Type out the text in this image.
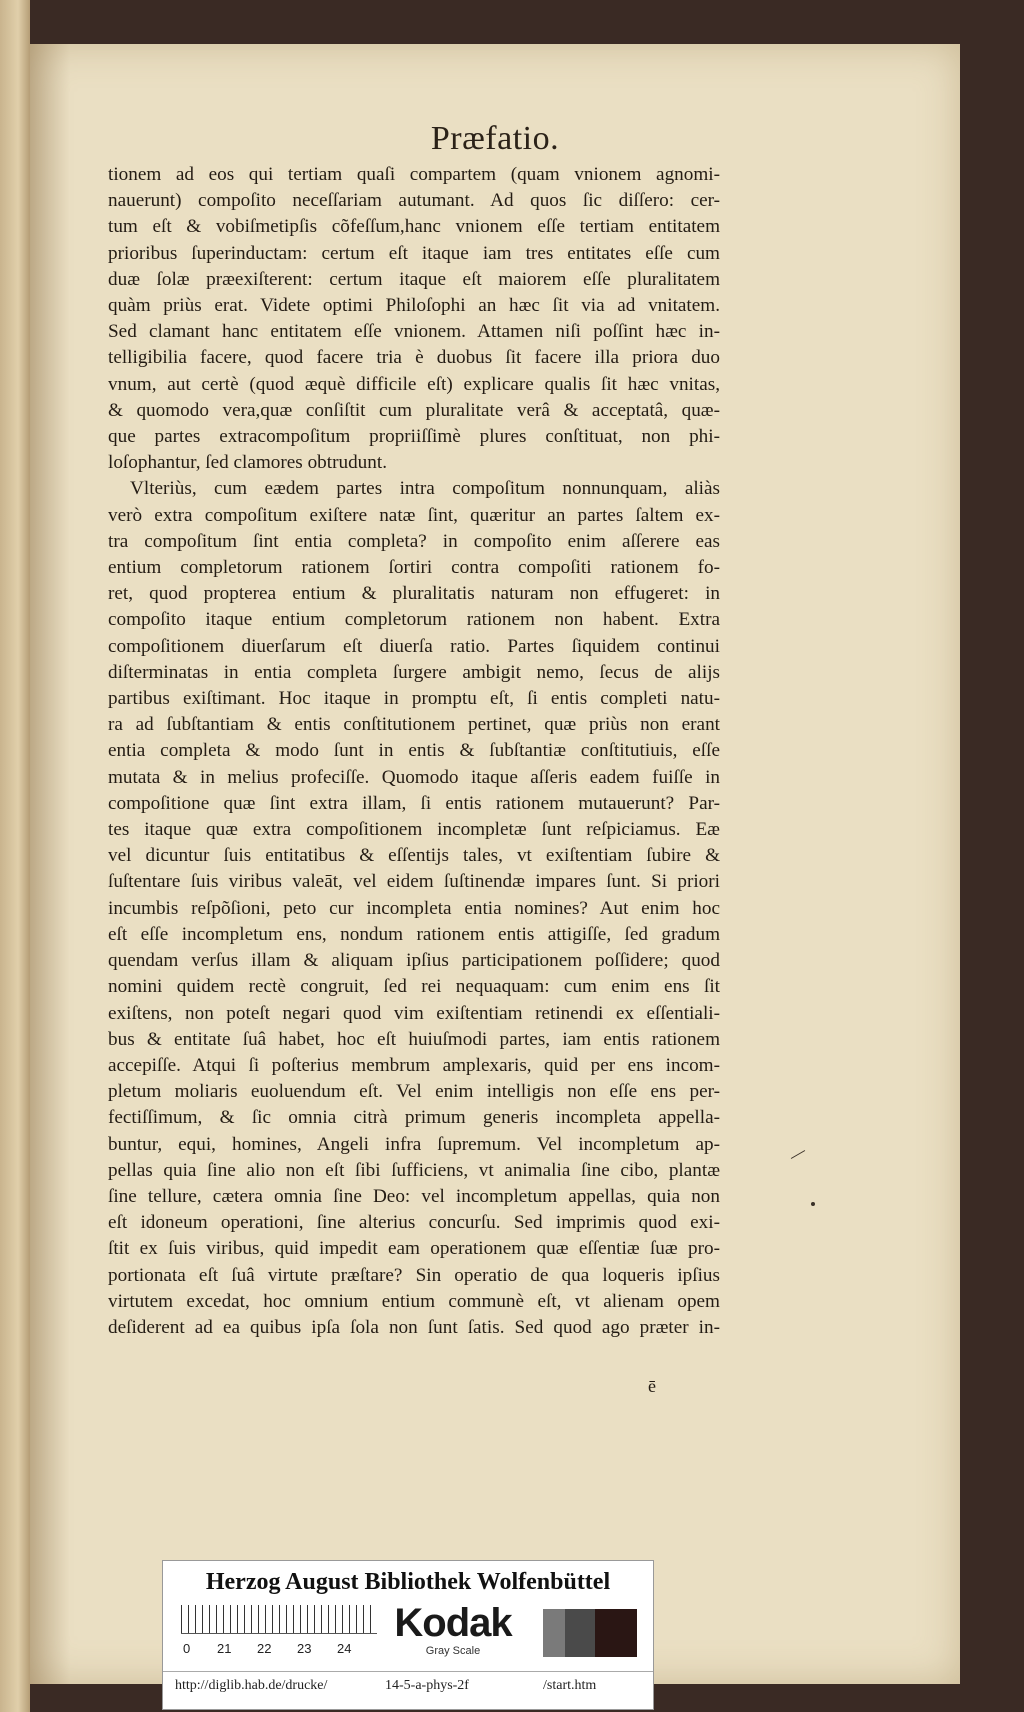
Præfatio.
tionem ad eos qui tertiam quaſi compartem (quam vnionem agnomi-
nauerunt) compoſito neceſſariam autumant. Ad quos ſic diſſero: cer-
tum eſt & vobiſmetipſis cõfeſſum,hanc vnionem eſſe tertiam entitatem
prioribus ſuperinductam: certum eſt itaque iam tres entitates eſſe cum
duæ ſolæ præexiſterent: certum itaque eſt maiorem eſſe pluralitatem
quàm priùs erat. Videte optimi Philoſophi an hæc ſit via ad vnitatem.
Sed clamant hanc entitatem eſſe vnionem. Attamen niſi poſſint hæc in-
telligibilia facere, quod facere tria è duobus ſit facere illa priora duo
vnum, aut certè (quod æquè difficile eſt) explicare qualis ſit hæc vnitas,
& quomodo vera,quæ conſiſtit cum pluralitate verâ & acceptatâ, quæ-
que partes extracompoſitum propriiſſimè plures conſtituat, non phi-
loſophantur, ſed clamores obtrudunt.
Vlteriùs, cum eædem partes intra compoſitum nonnunquam, aliàs
verò extra compoſitum exiſtere natæ ſint, quæritur an partes ſaltem ex-
tra compoſitum ſint entia completa? in compoſito enim aſſerere eas
entium completorum rationem ſortiri contra compoſiti rationem fo-
ret, quod propterea entium & pluralitatis naturam non effugeret: in
compoſito itaque entium completorum rationem non habent. Extra
compoſitionem diuerſarum eſt diuerſa ratio. Partes ſiquidem continui
diſterminatas in entia completa ſurgere ambigit nemo, ſecus de alijs
partibus exiſtimant. Hoc itaque in promptu eſt, ſi entis completi natu-
ra ad ſubſtantiam & entis conſtitutionem pertinet, quæ priùs non erant
entia completa & modo ſunt in entis & ſubſtantiæ conſtitutiuis, eſſe
mutata & in melius profeciſſe. Quomodo itaque aſſeris eadem fuiſſe in
compoſitione quæ ſint extra illam, ſi entis rationem mutauerunt? Par-
tes itaque quæ extra compoſitionem incompletæ ſunt reſpiciamus. Eæ
vel dicuntur ſuis entitatibus & eſſentijs tales, vt exiſtentiam ſubire &
ſuſtentare ſuis viribus valeāt, vel eidem ſuſtinendæ impares ſunt. Si priori
incumbis reſpõſioni, peto cur incompleta entia nomines? Aut enim hoc
eſt eſſe incompletum ens, nondum rationem entis attigiſſe, ſed gradum
quendam verſus illam & aliquam ipſius participationem poſſidere; quod
nomini quidem rectè congruit, ſed rei nequaquam: cum enim ens ſit
exiſtens, non poteſt negari quod vim exiſtentiam retinendi ex eſſentiali-
bus & entitate ſuâ habet, hoc eſt huiuſmodi partes, iam entis rationem
accepiſſe. Atqui ſi poſterius membrum amplexaris, quid per ens incom-
pletum moliaris euoluendum eſt. Vel enim intelligis non eſſe ens per-
fectiſſimum, & ſic omnia citrà primum generis incompleta appella-
buntur, equi, homines, Angeli infra ſupremum. Vel incompletum ap-
pellas quia ſine alio non eſt ſibi ſufficiens, vt animalia ſine cibo, plantæ
ſine tellure, cætera omnia ſine Deo: vel incompletum appellas, quia non
eſt idoneum operationi, ſine alterius concurſu. Sed imprimis quod exi-
ſtit ex ſuis viribus, quid impedit eam operationem quæ eſſentiæ ſuæ pro-
portionata eſt ſuâ virtute præſtare? Sin operatio de qua loqueris ipſius
virtutem excedat, hoc omnium entium communè eſt, vt alienam opem
deſiderent ad ea quibus ipſa ſola non ſunt ſatis. Sed quod ago præter in-
ē
Herzog August Bibliothek Wolfenbüttel
0 21 22 23 24
Kodak
Gray Scale
http://diglib.hab.de/drucke/	14-5-a-phys-2f	/start.htm
